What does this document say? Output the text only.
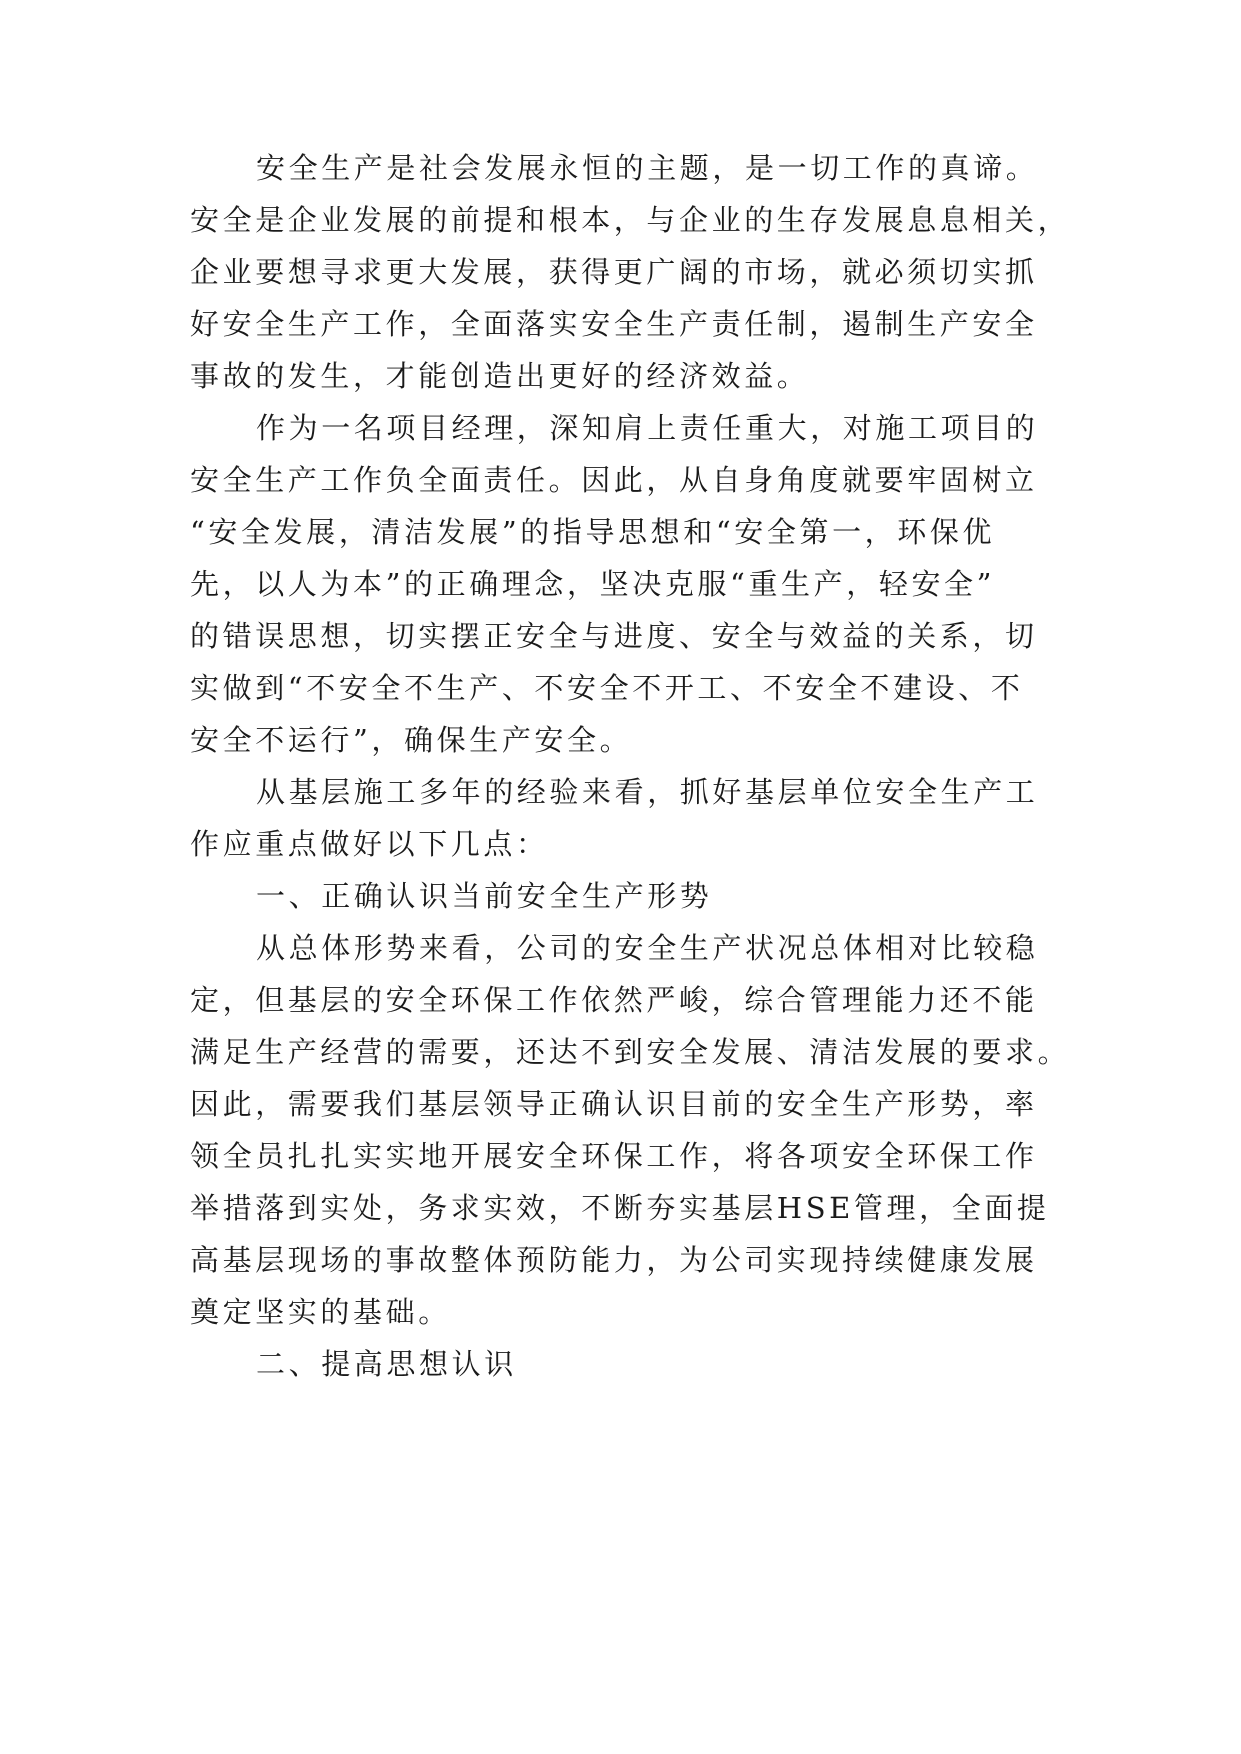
安全生产是社会发展永恒的主题，是一切工作的真谛。
安全是企业发展的前提和根本，与企业的生存发展息息相关，
企业要想寻求更大发展，获得更广阔的市场，就必须切实抓
好安全生产工作，全面落实安全生产责任制，遏制生产安全
事故的发生，才能创造出更好的经济效益。
作为一名项目经理，深知肩上责任重大，对施工项目的
安全生产工作负全面责任。因此，从自身角度就要牢固树立
“安全发展，清洁发展”的指导思想和“安全第一，环保优
先，以人为本”的正确理念，坚决克服“重生产，轻安全”
的错误思想，切实摆正安全与进度、安全与效益的关系，切
实做到“不安全不生产、不安全不开工、不安全不建设、不
安全不运行”，确保生产安全。
从基层施工多年的经验来看，抓好基层单位安全生产工
作应重点做好以下几点：
一、正确认识当前安全生产形势
从总体形势来看，公司的安全生产状况总体相对比较稳
定，但基层的安全环保工作依然严峻，综合管理能力还不能
满足生产经营的需要，还达不到安全发展、清洁发展的要求。
因此，需要我们基层领导正确认识目前的安全生产形势，率
领全员扎扎实实地开展安全环保工作，将各项安全环保工作
举措落到实处，务求实效，不断夯实基层HSE管理，全面提
高基层现场的事故整体预防能力，为公司实现持续健康发展
奠定坚实的基础。
二、提高思想认识
